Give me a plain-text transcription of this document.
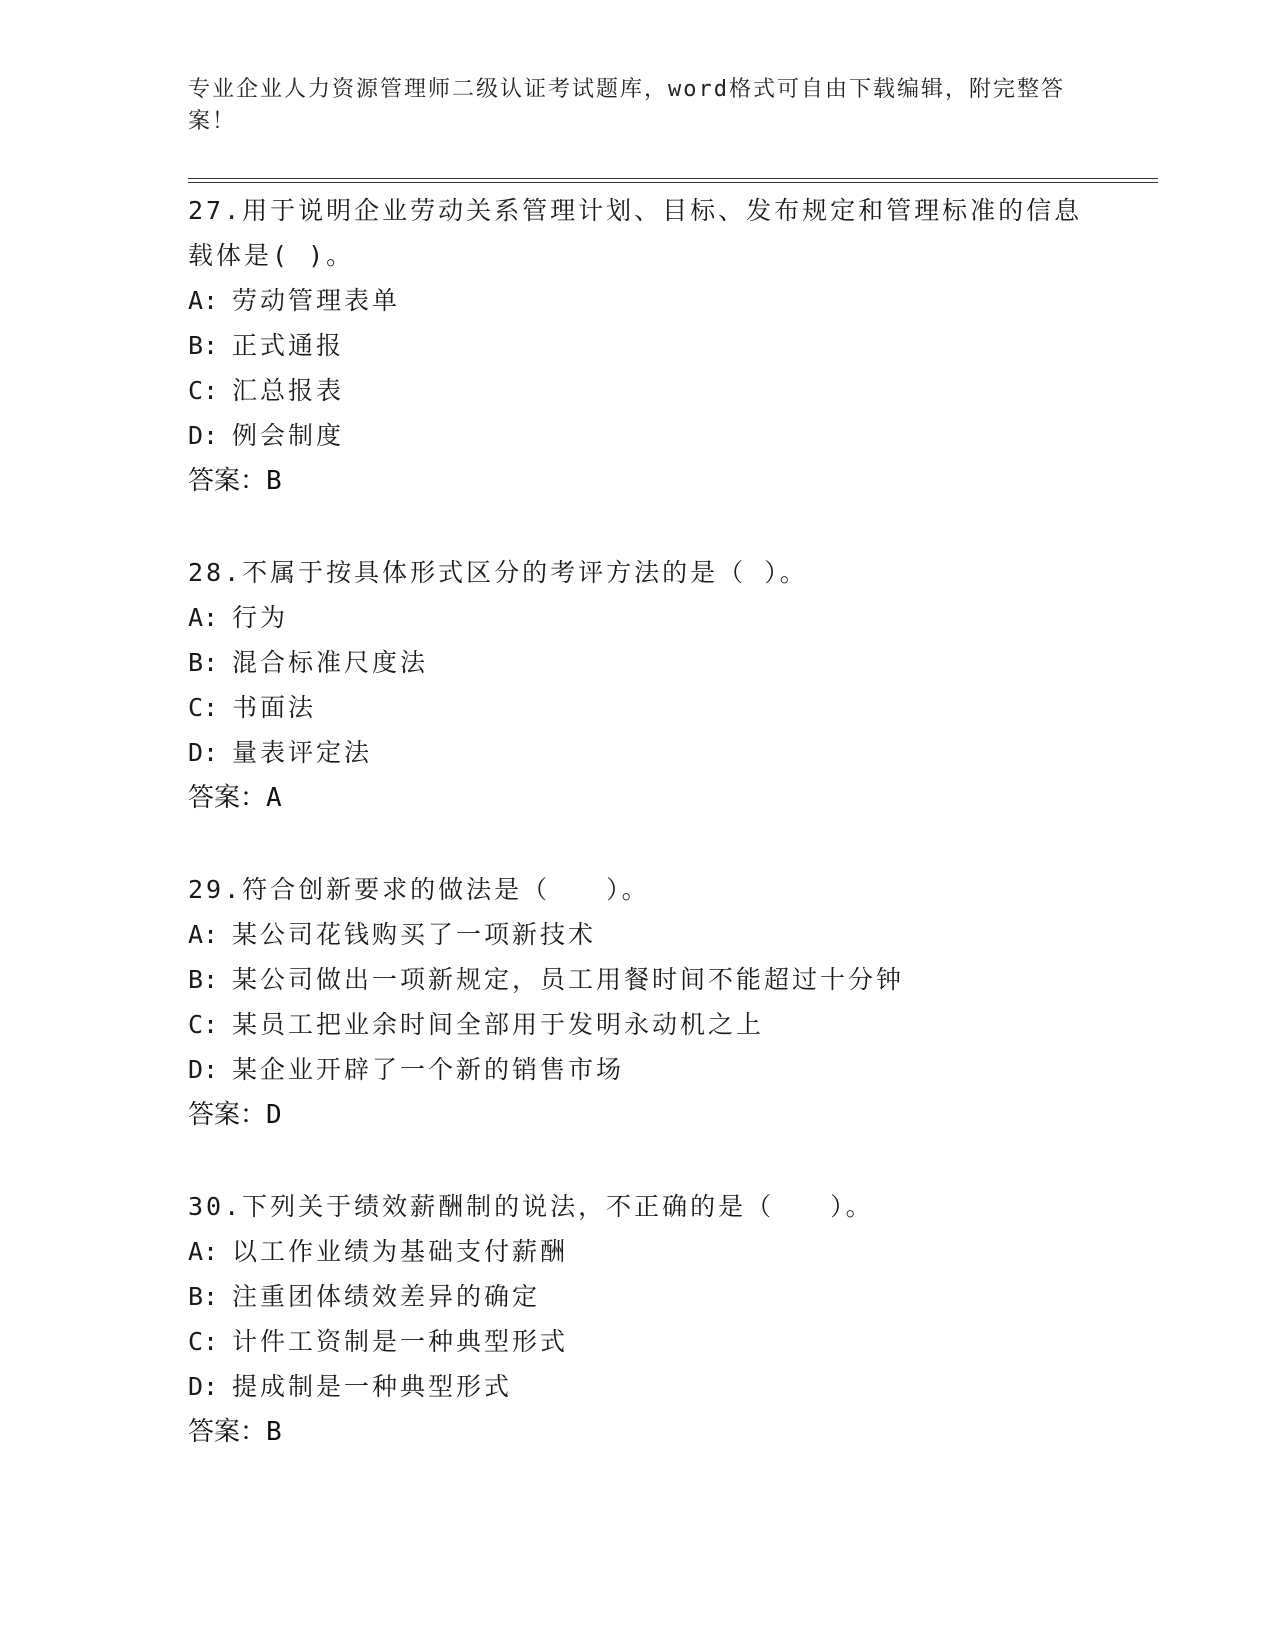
专业企业人力资源管理师二级认证考试题库，word格式可自由下载编辑，附完整答案！
27.用于说明企业劳动关系管理计划、目标、发布规定和管理标准的信息载体是( )。
A: 劳动管理表单
B: 正式通报
C: 汇总报表
D: 例会制度
答案：B
28.不属于按具体形式区分的考评方法的是（ ）。
A: 行为
B: 混合标准尺度法
C: 书面法
D: 量表评定法
答案：A
29.符合创新要求的做法是（　　）。
A: 某公司花钱购买了一项新技术
B: 某公司做出一项新规定，员工用餐时间不能超过十分钟
C: 某员工把业余时间全部用于发明永动机之上
D: 某企业开辟了一个新的销售市场
答案：D
30.下列关于绩效薪酬制的说法，不正确的是（　　）。
A: 以工作业绩为基础支付薪酬
B: 注重团体绩效差异的确定
C: 计件工资制是一种典型形式
D: 提成制是一种典型形式
答案：B
